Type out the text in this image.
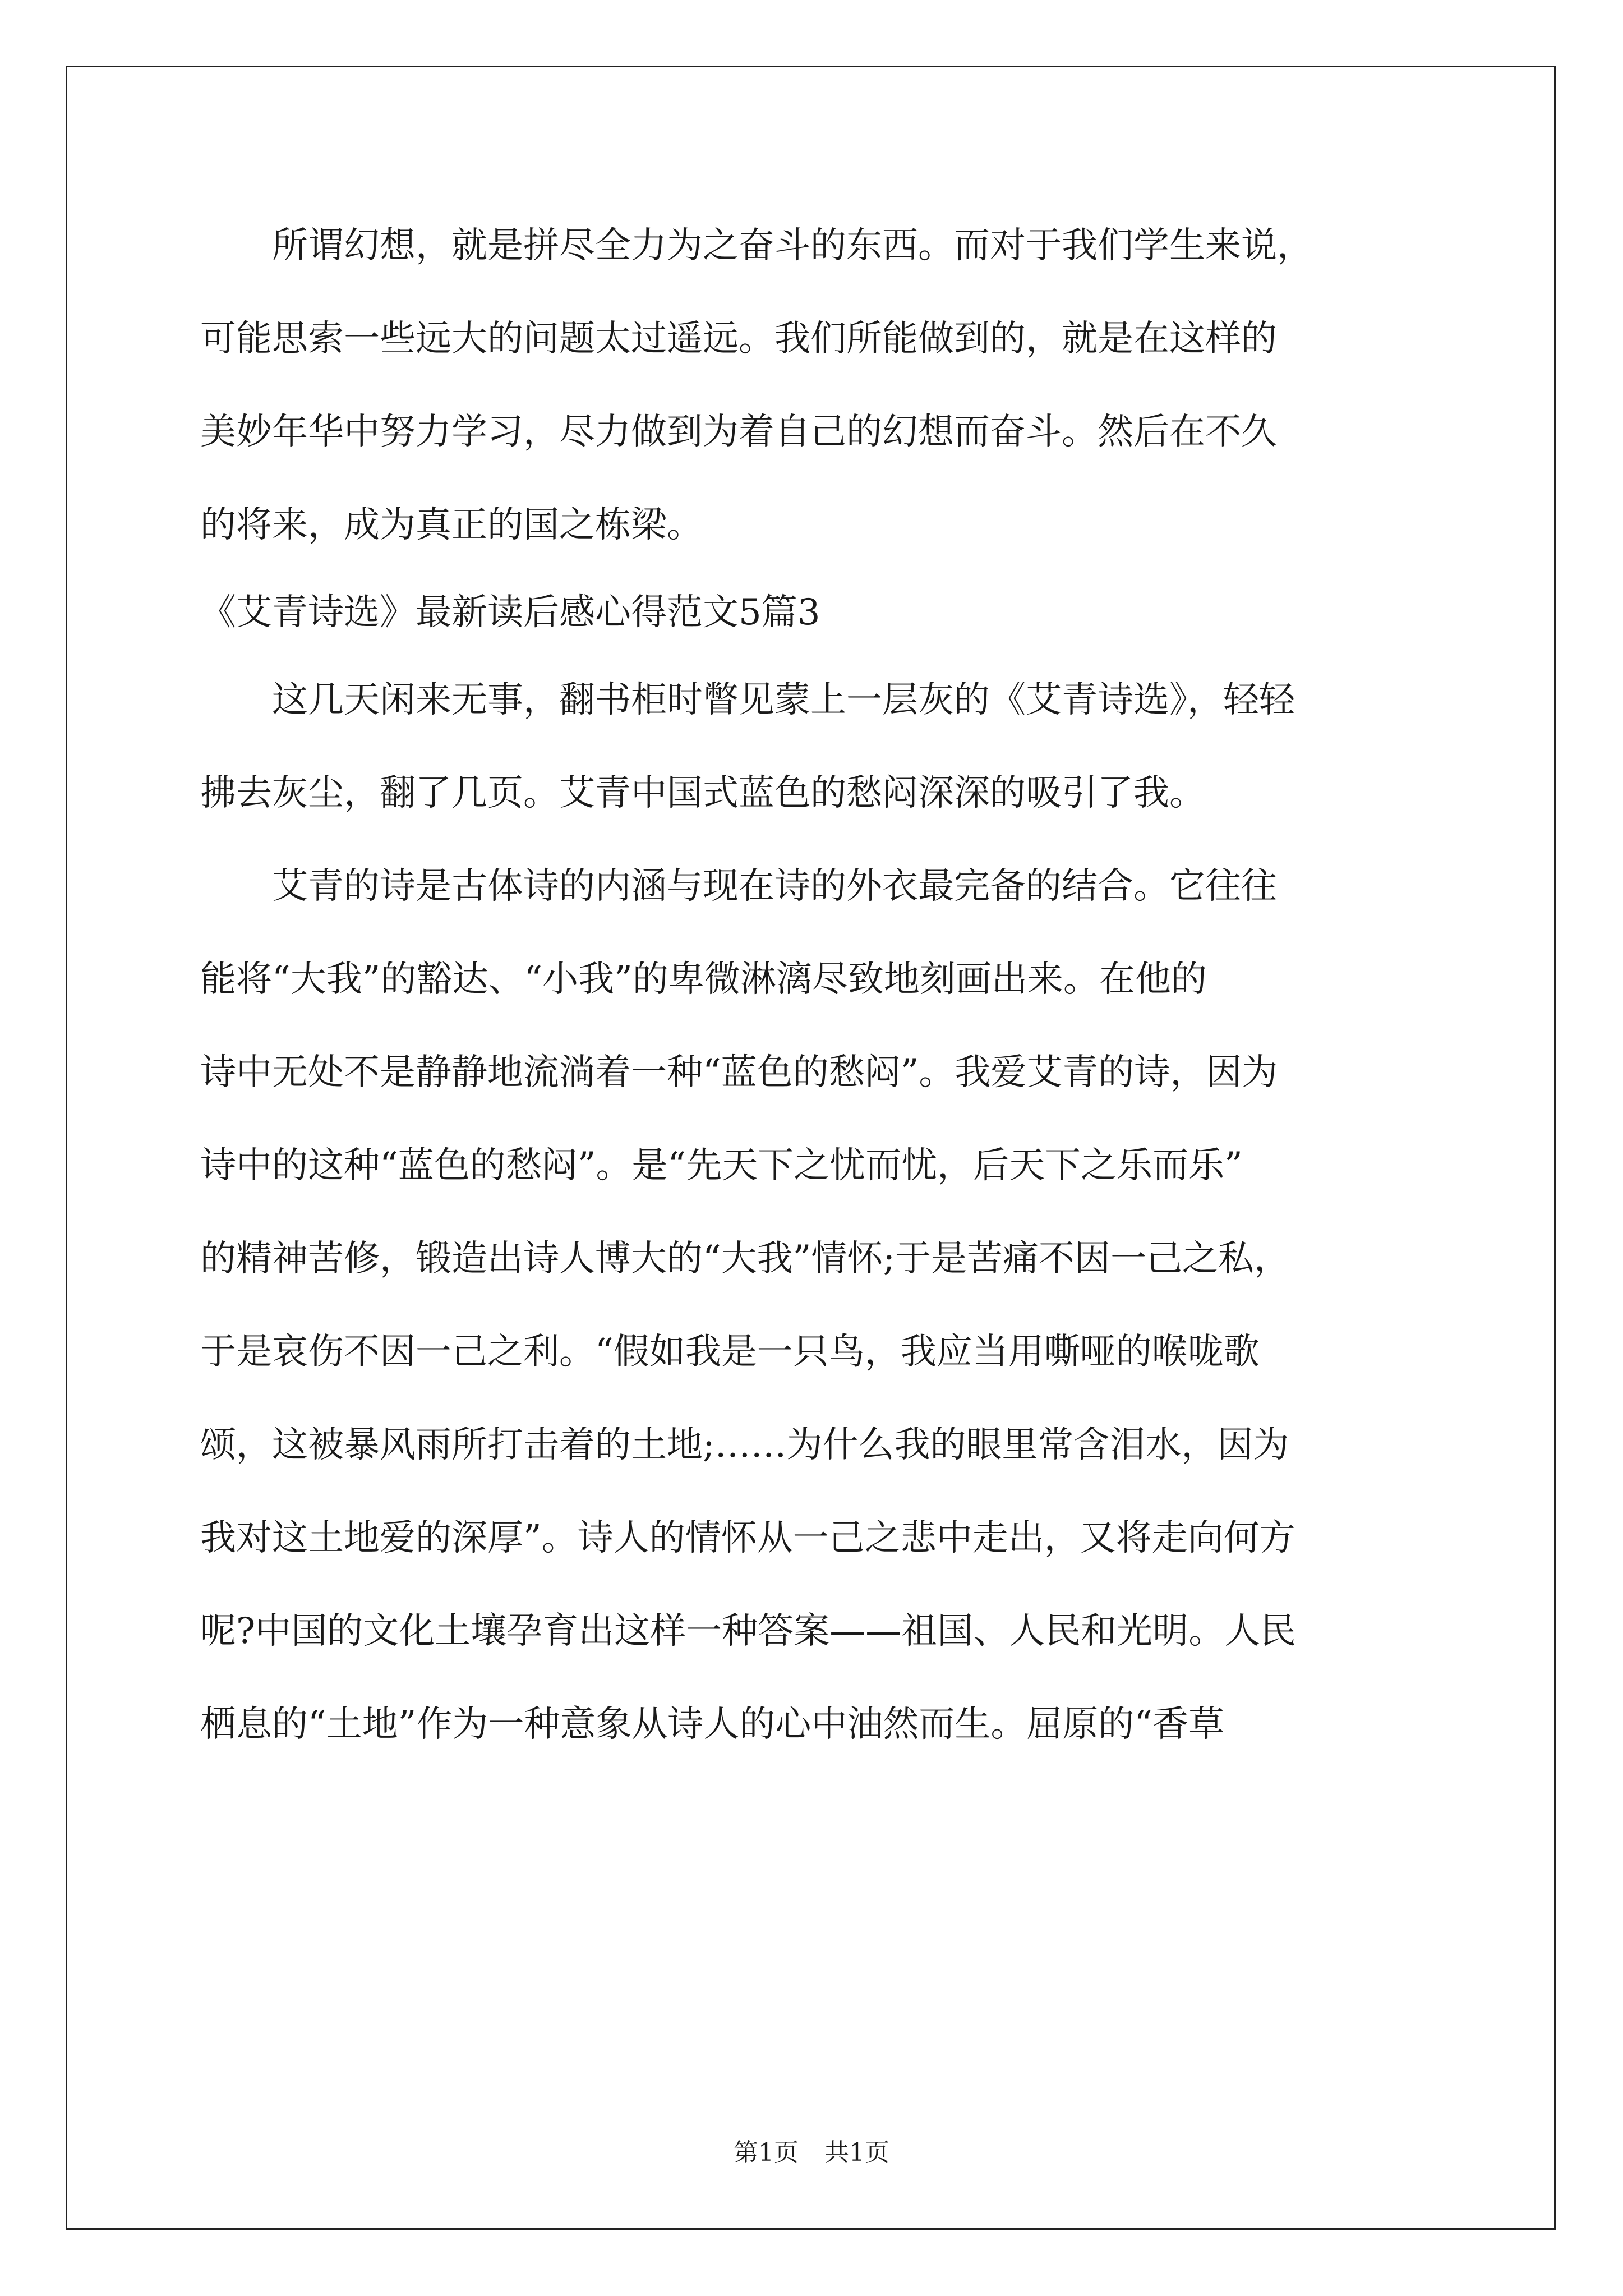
　　所谓幻想，就是拼尽全力为之奋斗的东西。而对于我们学生来说，
可能思索一些远大的问题太过遥远。我们所能做到的，就是在这样的
美妙年华中努力学习，尽力做到为着自己的幻想而奋斗。然后在不久
的将来，成为真正的国之栋梁。
《艾青诗选》最新读后感心得范文5篇3
　　这几天闲来无事，翻书柜时瞥见蒙上一层灰的《艾青诗选》，轻轻
拂去灰尘，翻了几页。艾青中国式蓝色的愁闷深深的吸引了我。
　　艾青的诗是古体诗的内涵与现在诗的外衣最完备的结合。它往往
能将“大我”的豁达、“小我”的卑微淋漓尽致地刻画出来。在他的
诗中无处不是静静地流淌着一种“蓝色的愁闷”。我爱艾青的诗，因为
诗中的这种“蓝色的愁闷”。是“先天下之忧而忧，后天下之乐而乐”
的精神苦修，锻造出诗人博大的“大我”情怀;于是苦痛不因一己之私，
于是哀伤不因一己之利。“假如我是一只鸟，我应当用嘶哑的喉咙歌
颂，这被暴风雨所打击着的土地;……为什么我的眼里常含泪水，因为
我对这土地爱的深厚”。诗人的情怀从一己之悲中走出，又将走向何方
呢?中国的文化土壤孕育出这样一种答案——祖国、人民和光明。人民
栖息的“土地”作为一种意象从诗人的心中油然而生。屈原的“香草
第1页 共1页
